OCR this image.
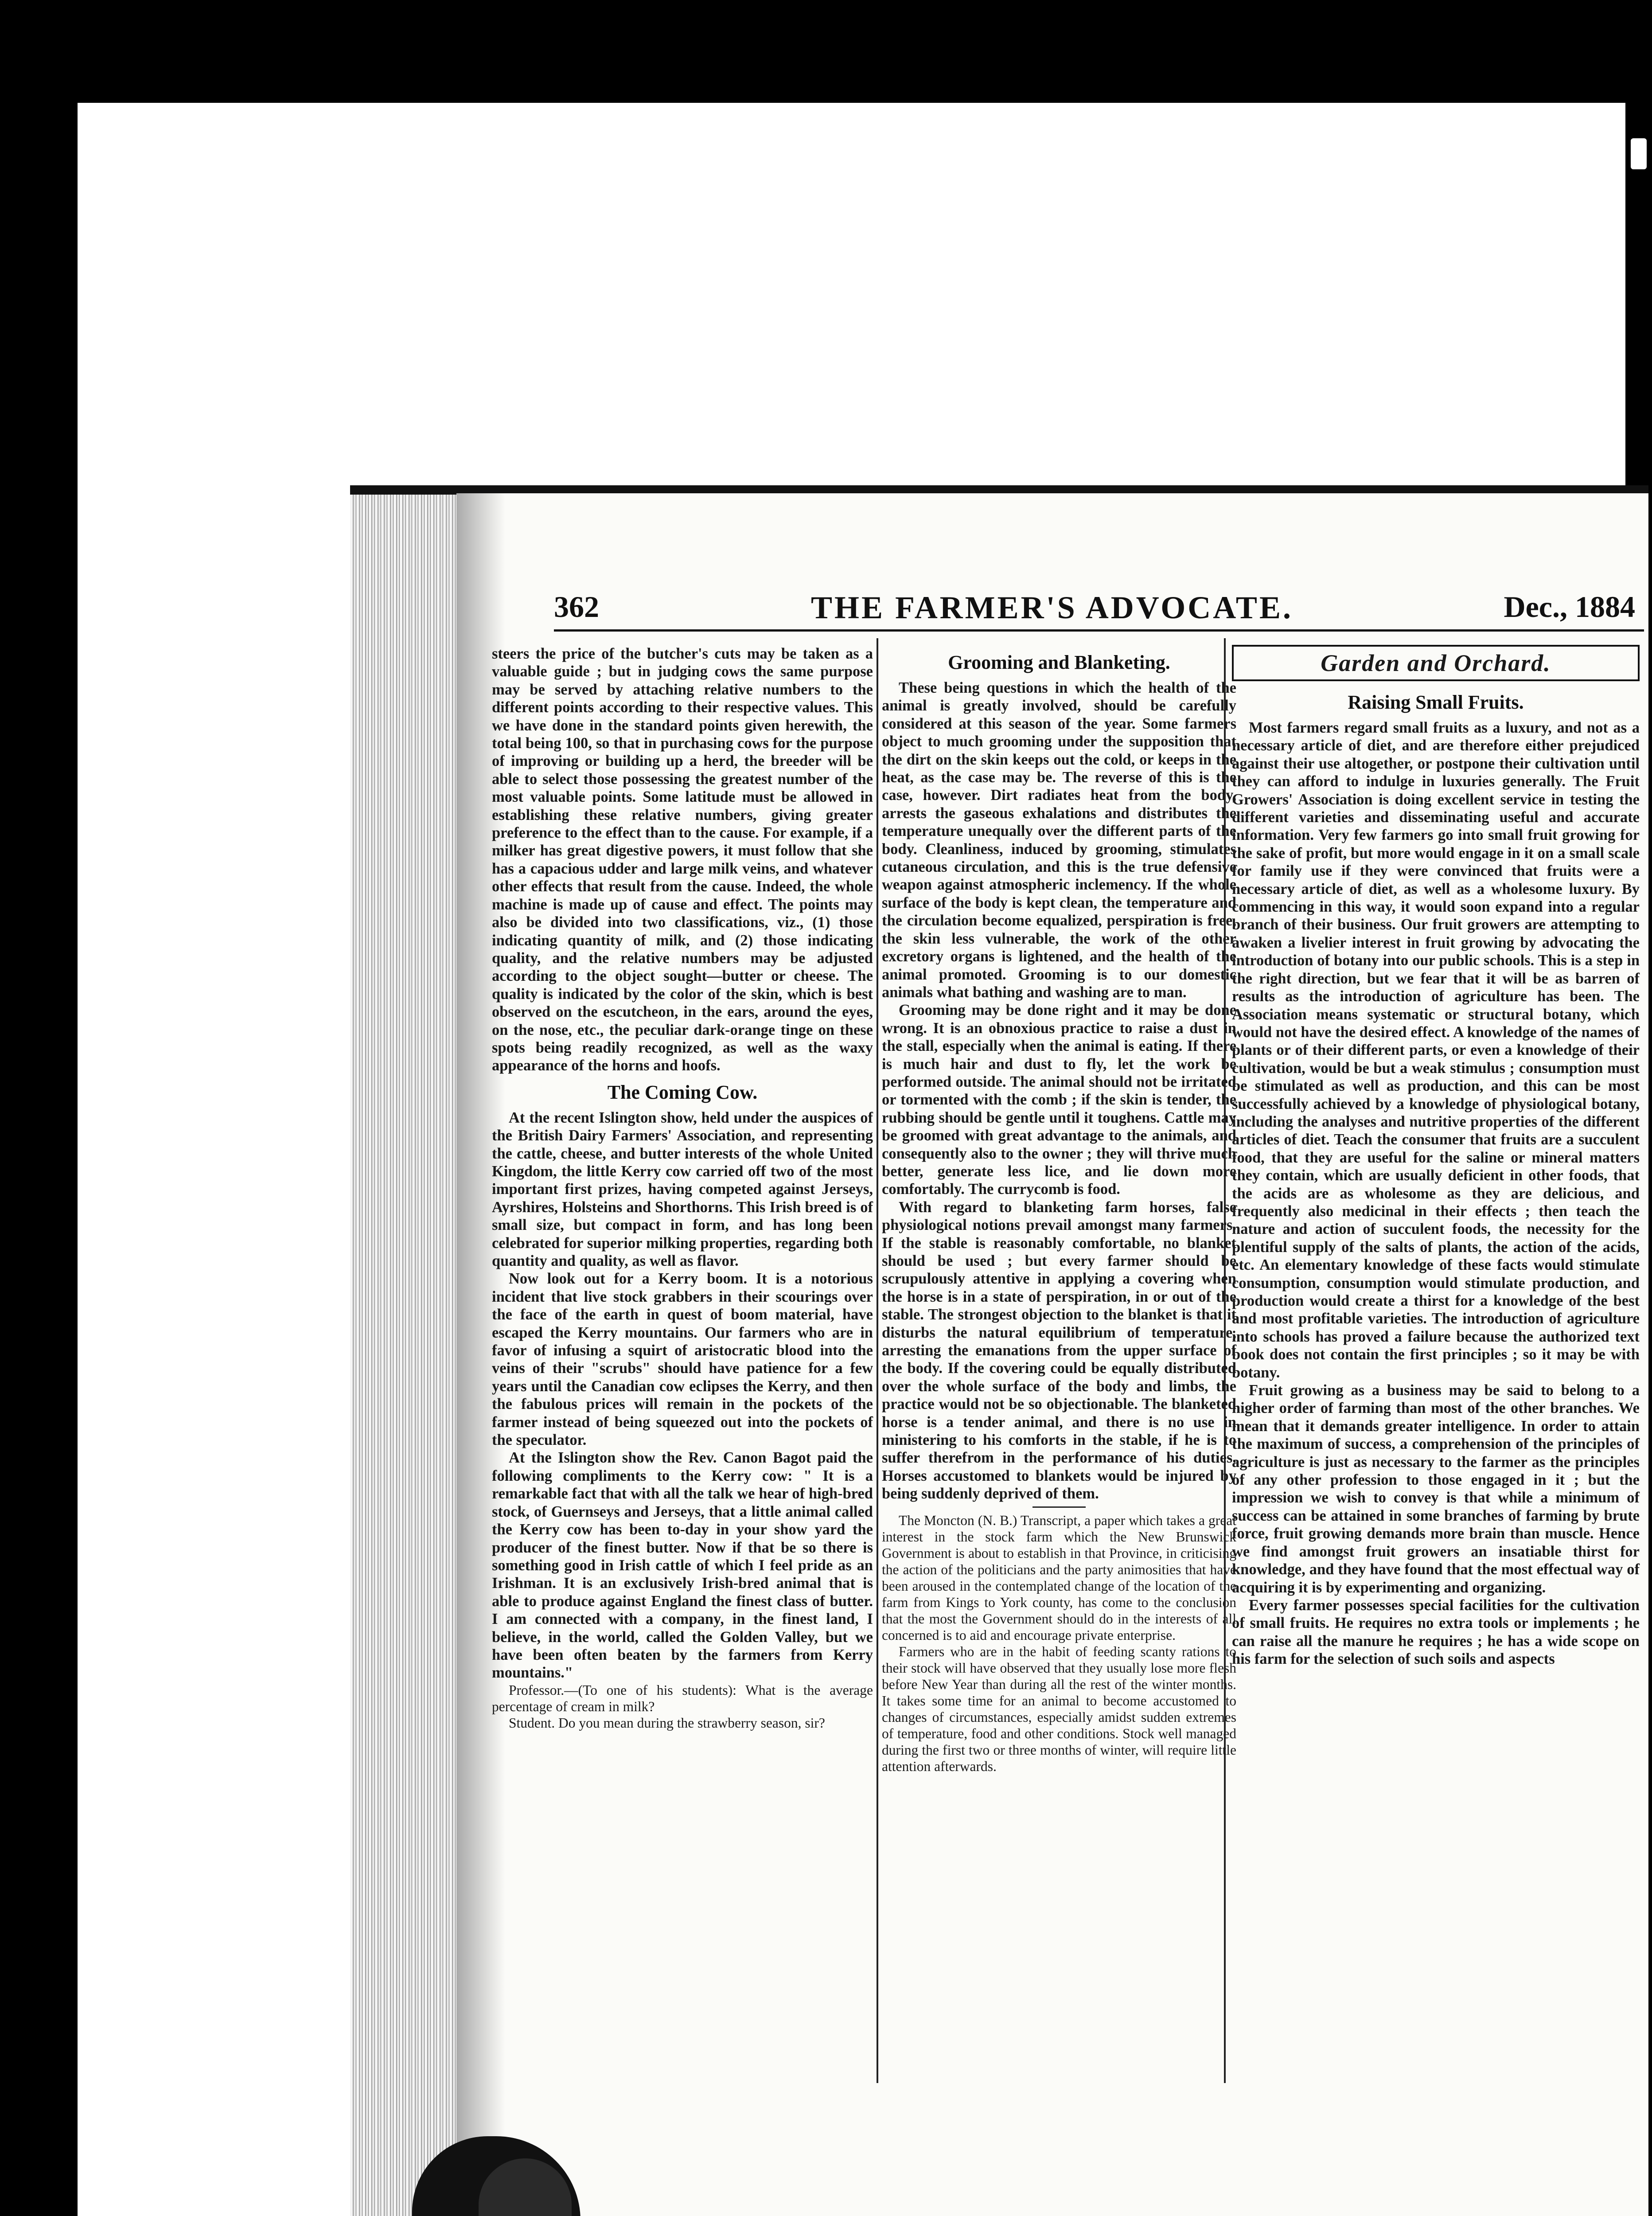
362	THE FARMER'S ADVOCATE.	Dec., 1884

steers the price of the butcher's cuts may be taken as a valuable guide ; but in judging cows the same purpose may be served by attaching relative numbers to the different points according to their respective values. This we have done in the standard points given herewith, the total being 100, so that in purchasing cows for the purpose of improving or building up a herd, the breeder will be able to select those possessing the greatest number of the most valuable points. Some latitude must be allowed in establishing these relative numbers, giving greater preference to the effect than to the cause. For example, if a milker has great digestive powers, it must follow that she has a capacious udder and large milk veins, and whatever other effects that result from the cause. Indeed, the whole machine is made up of cause and effect. The points may also be divided into two classifications, viz., (1) those indicating quantity of milk, and (2) those indicating quality, and the relative numbers may be adjusted according to the object sought—butter or cheese. The quality is indicated by the color of the skin, which is best observed on the escutcheon, in the ears, around the eyes, on the nose, etc., the peculiar dark-orange tinge on these spots being readily recognized, as well as the waxy appearance of the horns and hoofs.

The Coming Cow.

At the recent Islington show, held under the auspices of the British Dairy Farmers' Association, and representing the cattle, cheese, and butter interests of the whole United Kingdom, the little Kerry cow carried off two of the most important first prizes, having competed against Jerseys, Ayrshires, Holsteins and Shorthorns. This Irish breed is of small size, but compact in form, and has long been celebrated for superior milking properties, regarding both quantity and quality, as well as flavor.

Now look out for a Kerry boom. It is a notorious incident that live stock grabbers in their scourings over the face of the earth in quest of boom material, have escaped the Kerry mountains. Our farmers who are in favor of infusing a squirt of aristocratic blood into the veins of their "scrubs" should have patience for a few years until the Canadian cow eclipses the Kerry, and then the fabulous prices will remain in the pockets of the farmer instead of being squeezed out into the pockets of the speculator.

At the Islington show the Rev. Canon Bagot paid the following compliments to the Kerry cow: " It is a remarkable fact that with all the talk we hear of high-bred stock, of Guernseys and Jerseys, that a little animal called the Kerry cow has been to-day in your show yard the producer of the finest butter. Now if that be so there is something good in Irish cattle of which I feel pride as an Irishman. It is an exclusively Irish-bred animal that is able to produce against England the finest class of butter. I am connected with a company, in the finest land, I believe, in the world, called the Golden Valley, but we have been often beaten by the farmers from Kerry mountains."

Professor.—(To one of his students): What is the average percentage of cream in milk?

Student. Do you mean during the strawberry season, sir?

Grooming and Blanketing.

These being questions in which the health of the animal is greatly involved, should be carefully considered at this season of the year. Some farmers object to much grooming under the supposition that the dirt on the skin keeps out the cold, or keeps in the heat, as the case may be. The reverse of this is the case, however. Dirt radiates heat from the body, arrests the gaseous exhalations and distributes the temperature unequally over the different parts of the body. Cleanliness, induced by grooming, stimulates cutaneous circulation, and this is the true defensive weapon against atmospheric inclemency. If the whole surface of the body is kept clean, the temperature and the circulation become equalized, perspiration is free, the skin less vulnerable, the work of the other excretory organs is lightened, and the health of the animal promoted. Grooming is to our domestic animals what bathing and washing are to man.

Grooming may be done right and it may be done wrong. It is an obnoxious practice to raise a dust in the stall, especially when the animal is eating. If there is much hair and dust to fly, let the work be performed outside. The animal should not be irritated or tormented with the comb ; if the skin is tender, the rubbing should be gentle until it toughens. Cattle may be groomed with great advantage to the animals, and consequently also to the owner ; they will thrive much better, generate less lice, and lie down more comfortably. The currycomb is food.

With regard to blanketing farm horses, false physiological notions prevail amongst many farmers. If the stable is reasonably comfortable, no blanket should be used ; but every farmer should be scrupulously attentive in applying a covering when the horse is in a state of perspiration, in or out of the stable. The strongest objection to the blanket is that it disturbs the natural equilibrium of temperature, arresting the emanations from the upper surface of the body. If the covering could be equally distributed over the whole surface of the body and limbs, the practice would not be so objectionable. The blanketed horse is a tender animal, and there is no use in ministering to his comforts in the stable, if he is to suffer therefrom in the performance of his duties. Horses accustomed to blankets would be injured by being suddenly deprived of them.

The Moncton (N. B.) Transcript, a paper which takes a great interest in the stock farm which the New Brunswick Government is about to establish in that Province, in criticising the action of the politicians and the party animosities that have been aroused in the contemplated change of the location of the farm from Kings to York county, has come to the conclusion that the most the Government should do in the interests of all concerned is to aid and encourage private enterprise.

Farmers who are in the habit of feeding scanty rations to their stock will have observed that they usually lose more flesh before New Year than during all the rest of the winter months. It takes some time for an animal to become accustomed to changes of circumstances, especially amidst sudden extremes of temperature, food and other conditions. Stock well managed during the first two or three months of winter, will require little attention afterwards.

Garden and Orchard.
Raising Small Fruits.

Most farmers regard small fruits as a luxury, and not as a necessary article of diet, and are therefore either prejudiced against their use altogether, or postpone their cultivation until they can afford to indulge in luxuries generally. The Fruit Growers' Association is doing excellent service in testing the different varieties and disseminating useful and accurate information. Very few farmers go into small fruit growing for the sake of profit, but more would engage in it on a small scale for family use if they were convinced that fruits were a necessary article of diet, as well as a wholesome luxury. By commencing in this way, it would soon expand into a regular branch of their business. Our fruit growers are attempting to awaken a livelier interest in fruit growing by advocating the introduction of botany into our public schools. This is a step in the right direction, but we fear that it will be as barren of results as the introduction of agriculture has been. The Association means systematic or structural botany, which would not have the desired effect. A knowledge of the names of plants or of their different parts, or even a knowledge of their cultivation, would be but a weak stimulus ; consumption must be stimulated as well as production, and this can be most successfully achieved by a knowledge of physiological botany, including the analyses and nutritive properties of the different articles of diet. Teach the consumer that fruits are a succulent food, that they are useful for the saline or mineral matters they contain, which are usually deficient in other foods, that the acids are as wholesome as they are delicious, and frequently also medicinal in their effects ; then teach the nature and action of succulent foods, the necessity for the plentiful supply of the salts of plants, the action of the acids, etc. An elementary knowledge of these facts would stimulate consumption, consumption would stimulate production, and production would create a thirst for a knowledge of the best and most profitable varieties. The introduction of agriculture into schools has proved a failure because the authorized text book does not contain the first principles ; so it may be with botany.

Fruit growing as a business may be said to belong to a higher order of farming than most of the other branches. We mean that it demands greater intelligence. In order to attain the maximum of success, a comprehension of the principles of agriculture is just as necessary to the farmer as the principles of any other profession to those engaged in it ; but the impression we wish to convey is that while a minimum of success can be attained in some branches of farming by brute force, fruit growing demands more brain than muscle. Hence we find amongst fruit growers an insatiable thirst for knowledge, and they have found that the most effectual way of acquiring it is by experimenting and organizing.

Every farmer possesses special facilities for the cultivation of small fruits. He requires no extra tools or implements ; he can raise all the manure he requires ; he has a wide scope on his farm for the selection of such soils and aspects
